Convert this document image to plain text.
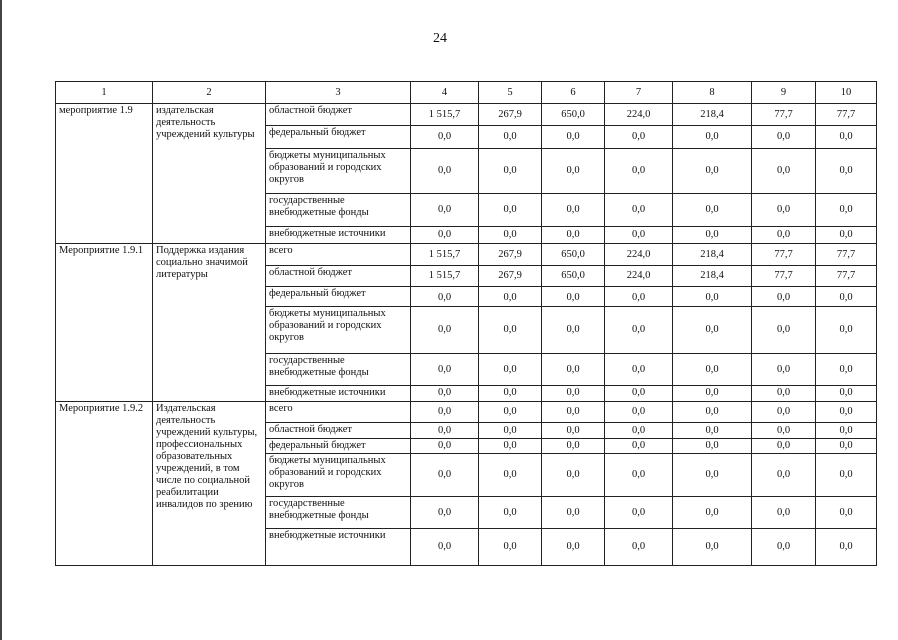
24
1	2	3	4	5	6	7	8	9	10
мероприятие 1.9	издательская деятельность учреждений культуры	областной бюджет	1 515,7	267,9	650,0	224,0	218,4	77,7	77,7
		федеральный бюджет	0,0	0,0	0,0	0,0	0,0	0,0	0,0
		бюджеты муниципальных образований и городских округов	0,0	0,0	0,0	0,0	0,0	0,0	0,0
		государственные внебюджетные фонды	0,0	0,0	0,0	0,0	0,0	0,0	0,0
		внебюджетные источники	0,0	0,0	0,0	0,0	0,0	0,0	0,0
Мероприятие 1.9.1	Поддержка издания социально значимой литературы	всего	1 515,7	267,9	650,0	224,0	218,4	77,7	77,7
		областной бюджет	1 515,7	267,9	650,0	224,0	218,4	77,7	77,7
		федеральный бюджет	0,0	0,0	0,0	0,0	0,0	0,0	0,0
		бюджеты муниципальных образований и городских округов	0,0	0,0	0,0	0,0	0,0	0,0	0,0
		государственные внебюджетные фонды	0,0	0,0	0,0	0,0	0,0	0,0	0,0
		внебюджетные источники	0,0	0,0	0,0	0,0	0,0	0,0	0,0
Мероприятие 1.9.2	Издательская деятельность учреждений культуры, профессиональных образовательных учреждений, в том числе по социальной реабилитации инвалидов по зрению	всего	0,0	0,0	0,0	0,0	0,0	0,0	0,0
		областной бюджет	0,0	0,0	0,0	0,0	0,0	0,0	0,0
		федеральный бюджет	0,0	0,0	0,0	0,0	0,0	0,0	0,0
		бюджеты муниципальных образований и городских округов	0,0	0,0	0,0	0,0	0,0	0,0	0,0
		государственные внебюджетные фонды	0,0	0,0	0,0	0,0	0,0	0,0	0,0
		внебюджетные источники	0,0	0,0	0,0	0,0	0,0	0,0	0,0
